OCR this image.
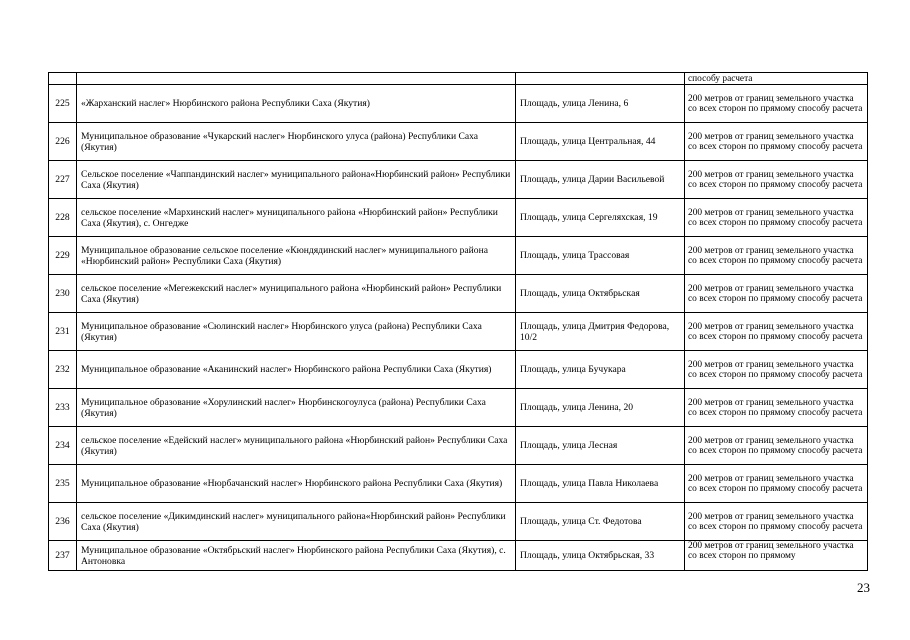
			способу расчета
225	«Жарханский наслег» Нюрбинского района Республики Саха (Якутия)	Площадь, улица Ленина, 6	200 метров от границ земельного участка со всех сторон по прямому способу расчета
226	Муниципальное образование «Чукарский наслег» Нюрбинского улуса (района) Республики Саха (Якутия)	Площадь, улица Центральная, 44	200 метров от границ земельного участка со всех сторон по прямому способу расчета
227	Сельское поселение «Чаппандинский наслег» муниципального района«Нюрбинский район» Республики Саха (Якутия)	Площадь, улица Дарии Васильевой	200 метров от границ земельного участка со всех сторон по прямому способу расчета
228	сельское поселение «Мархинский наслег» муниципального района «Нюрбинский район» Республики Саха (Якутия), с. Онгедже	Площадь, улица Сергеляхская, 19	200 метров от границ земельного участка со всех сторон по прямому способу расчета
229	Муниципальное образование сельское поселение «Кюндядинский наслег» муниципального района «Нюрбинский район» Республики Саха (Якутия)	Площадь, улица Трассовая	200 метров от границ земельного участка со всех сторон по прямому способу расчета
230	сельское поселение «Мегежекский наслег» муниципального района «Нюрбинский район» Республики Саха (Якутия)	Площадь, улица Октябрьская	200 метров от границ земельного участка со всех сторон по прямому способу расчета
231	Муниципальное образование «Сюлинский наслег» Нюрбинского улуса (района) Республики Саха (Якутия)	Площадь, улица Дмитрия Федорова, 10/2	200 метров от границ земельного участка со всех сторон по прямому способу расчета
232	Муниципальное образование «Аканинский наслег» Нюрбинского района Республики Саха (Якутия)	Площадь, улица Бучукара	200 метров от границ земельного участка со всех сторон по прямому способу расчета
233	Муниципальное образование «Хорулинский наслег» Нюрбинскогоулуса (района) Республики Саха (Якутия)	Площадь, улица Ленина, 20	200 метров от границ земельного участка со всех сторон по прямому способу расчета
234	сельское поселение «Едейский наслег» муниципального района «Нюрбинский район» Республики Саха (Якутия)	Площадь, улица Лесная	200 метров от границ земельного участка со всех сторон по прямому способу расчета
235	Муниципальное образование «Нюрбачанский наслег» Нюрбинского района Республики Саха (Якутия)	Площадь, улица Павла Николаева	200 метров от границ земельного участка со всех сторон по прямому способу расчета
236	сельское поселение «Дикимдинский наслег» муниципального района«Нюрбинский район» Республики Саха (Якутия)	Площадь, улица Ст. Федотова	200 метров от границ земельного участка со всех сторон по прямому способу расчета
237	Муниципальное образование «Октябрьский наслег» Нюрбинского района Республики Саха (Якутия), с. Антоновка	Площадь, улица Октябрьская, 33	200 метров от границ земельного участка со всех сторон по прямому
23
